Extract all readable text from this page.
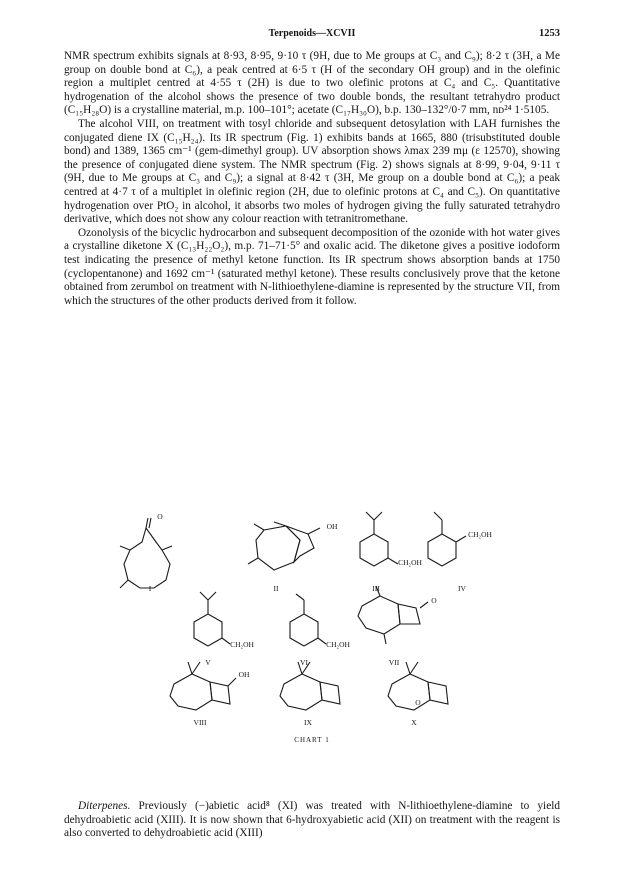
Terpenoids—XCVII	1253

NMR spectrum exhibits signals at 8·93, 8·95, 9·10 τ (9H, due to Me groups at C₃ and C₉); 8·2 τ (3H, a Me group on double bond at C₆), a peak centred at 6·5 τ (H of the secondary OH group) and in the olefinic region a multiplet centred at 4·55 τ (2H) is due to two olefinic protons at C₄ and C₅. Quantitative hydrogenation of the alcohol shows the presence of two double bonds, the resultant tetrahydro product (C₁₅H₂₈O) is a crystalline material, m.p. 100–101°; acetate (C₁₇H₃₀O), b.p. 130–132°/0·7 mm, nᴅ²⁴ 1·5105.

The alcohol VIII, on treatment with tosyl chloride and subsequent detosylation with LAH furnishes the conjugated diene IX (C₁₅H₂₄). Its IR spectrum (Fig. 1) exhibits bands at 1665, 880 (trisubstituted double bond) and 1389, 1365 cm⁻¹ (gem-dimethyl group). UV absorption shows λmax 239 mμ (ε 12570), showing the presence of conjugated diene system. The NMR spectrum (Fig. 2) shows signals at 8·99, 9·04, 9·11 τ (9H, due to Me groups at C₃ and C₉); a signal at 8·42 τ (3H, Me group on a double bond at C₆); a peak centred at 4·7 τ of a multiplet in olefinic region (2H, due to olefinic protons at C₄ and C₅). On quantitative hydrogenation over PtO₂ in alcohol, it absorbs two moles of hydrogen giving the fully saturated tetrahydro derivative, which does not show any colour reaction with tetranitromethane.

Ozonolysis of the bicyclic hydrocarbon and subsequent decomposition of the ozonide with hot water gives a crystalline diketone X (C₁₃H₂₂O₂), m.p. 71–71·5° and oxalic acid. The diketone gives a positive iodoform test indicating the presence of methyl ketone function. Its IR spectrum shows absorption bands at 1750 (cyclopentanone) and 1692 cm⁻¹ (saturated methyl ketone). These results conclusively prove that the ketone obtained from zerumbol on treatment with N-lithioethylene-diamine is represented by the structure VII, from which the structures of the other products derived from it follow.

O
OH
CH₂OH
CH₂OH
CH₂OH	CH₂OH
O
OH
O
I	II	III	IV
V	VI	VII
VIII	IX	X
CHART 1

Diterpenes. Previously (−)abietic acid⁸ (XI) was treated with N-lithioethylene-diamine to yield dehydroabietic acid (XIII). It is now shown that 6-hydroxyabietic acid (XII) on treatment with the reagent is also converted to dehydroabietic acid (XIII)
